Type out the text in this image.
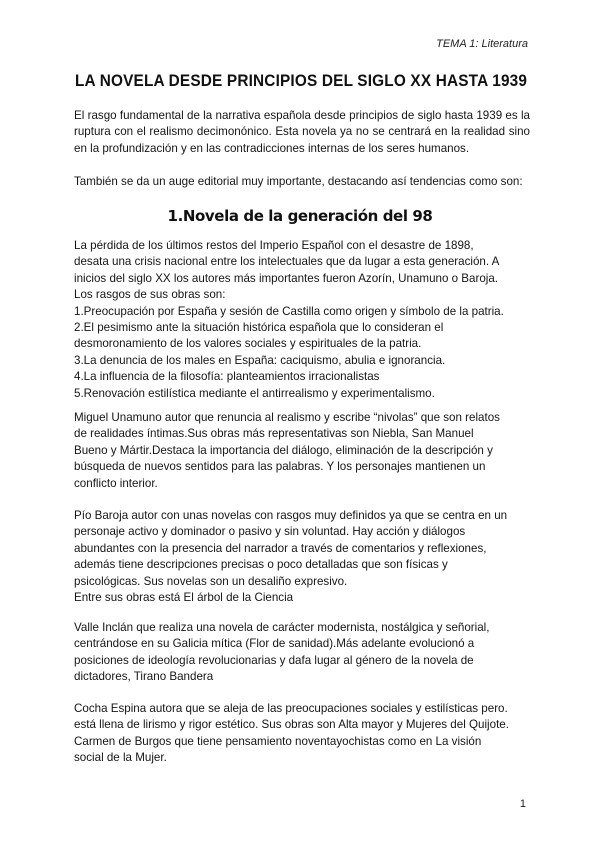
TEMA 1: Literatura
LA NOVELA DESDE PRINCIPIOS DEL SIGLO XX HASTA 1939
El rasgo fundamental de la narrativa española desde principios de siglo hasta 1939 es la ruptura con el realismo decimonónico. Esta novela ya no se centrará en la realidad sino en la profundización y en las contradicciones internas de los seres humanos.
También se da un auge editorial muy importante, destacando así tendencias como son:
1.Novela de la generación del 98
La pérdida de los últimos restos del Imperio Español con el desastre de 1898,
desata una crisis nacional entre los intelectuales que da lugar a esta generación. A
inicios del siglo XX los autores más importantes fueron Azorín, Unamuno o Baroja.
Los rasgos de sus obras son:
1.Preocupación por España y sesión de Castilla como origen y símbolo de la patria.
2.El pesimismo ante la situación histórica española que lo consideran el
desmoronamiento de los valores sociales y espirituales de la patria.
3.La denuncia de los males en España: caciquismo, abulia e ignorancia.
4.La influencia de la filosofía: planteamientos irracionalistas
5.Renovación estilística mediante el antirrealismo y experimentalismo.
Miguel Unamuno autor que renuncia al realismo y escribe “nivolas” que son relatos
de realidades íntimas.Sus obras más representativas son Niebla, San Manuel
Bueno y Mártir.Destaca la importancia del diálogo, eliminación de la descripción y
búsqueda de nuevos sentidos para las palabras. Y los personajes mantienen un
conflicto interior.
Pío Baroja autor con unas novelas con rasgos muy definidos ya que se centra en un
personaje activo y dominador o pasivo y sin voluntad. Hay acción y diálogos
abundantes con la presencia del narrador a través de comentarios y reflexiones,
además tiene descripciones precisas o poco detalladas que son físicas y
psicológicas. Sus novelas son un desaliño expresivo.
Entre sus obras está El árbol de la Ciencia
Valle Inclán que realiza una novela de carácter modernista, nostálgica y señorial,
centrándose en su Galicia mítica (Flor de sanidad).Más adelante evolucionó a
posiciones de ideología revolucionarias y dafa lugar al género de la novela de
dictadores, Tirano Bandera
Cocha Espina autora que se aleja de las preocupaciones sociales y estilísticas pero.
está llena de lirismo y rigor estético. Sus obras son Alta mayor y Mujeres del Quijote.
Carmen de Burgos que tiene pensamiento noventayochistas como en La visión
social de la Mujer.
1
